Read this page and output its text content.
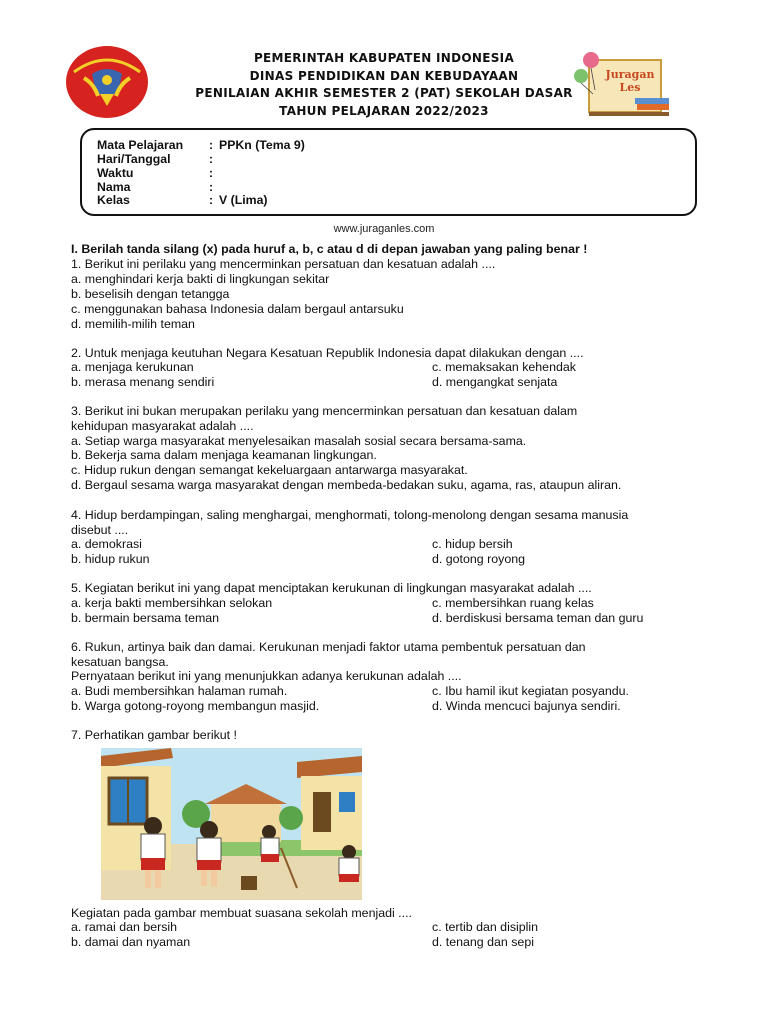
Juragan
Les
PEMERINTAH KABUPATEN INDONESIA
DINAS PENDIDIKAN DAN KEBUDAYAAN
PENILAIAN AKHIR SEMESTER 2 (PAT) SEKOLAH DASAR
TAHUN PELAJARAN 2022/2023
Mata Pelajaran : PPKn (Tema 9)
Hari/Tanggal	:
Waktu	:
Nama	:
Kelas	: V (Lima)
www.juraganles.com
I. Berilah tanda silang (x) pada huruf a, b, c atau d di depan jawaban yang paling benar !
1. Berikut ini perilaku yang mencerminkan persatuan dan kesatuan adalah ....
a. menghindari kerja bakti di lingkungan sekitar
b. beselisih dengan tetangga
c. menggunakan bahasa Indonesia dalam bergaul antarsuku
d. memilih-milih teman
2. Untuk menjaga keutuhan Negara Kesatuan Republik Indonesia dapat dilakukan dengan ....
a. menjaga kerukunan	c. memaksakan kehendak
b. merasa menang sendiri	d. mengangkat senjata
3. Berikut ini bukan merupakan perilaku yang mencerminkan persatuan dan kesatuan dalam
kehidupan masyarakat adalah ....
a. Setiap warga masyarakat menyelesaikan masalah sosial secara bersama-sama.
b. Bekerja sama dalam menjaga keamanan lingkungan.
c. Hidup rukun dengan semangat kekeluargaan antarwarga masyarakat.
d. Bergaul sesama warga masyarakat dengan membeda-bedakan suku, agama, ras, ataupun aliran.
4. Hidup berdampingan, saling menghargai, menghormati, tolong-menolong dengan sesama manusia
disebut ....
a. demokrasi	c. hidup bersih
b. hidup rukun	d. gotong royong
5. Kegiatan berikut ini yang dapat menciptakan kerukunan di lingkungan masyarakat adalah ....
a. kerja bakti membersihkan selokan	c. membersihkan ruang kelas
b. bermain bersama teman	d. berdiskusi bersama teman dan guru
6. Rukun, artinya baik dan damai. Kerukunan menjadi faktor utama pembentuk persatuan dan
kesatuan bangsa.
Pernyataan berikut ini yang menunjukkan adanya kerukunan adalah ....
a. Budi membersihkan halaman rumah.	c. Ibu hamil ikut kegiatan posyandu.
b. Warga gotong-royong membangun masjid.	d. Winda mencuci bajunya sendiri.
7. Perhatikan gambar berikut !
Kegiatan pada gambar membuat suasana sekolah menjadi ....
a. ramai dan bersih	c. tertib dan disiplin
b. damai dan nyaman	d. tenang dan sepi
